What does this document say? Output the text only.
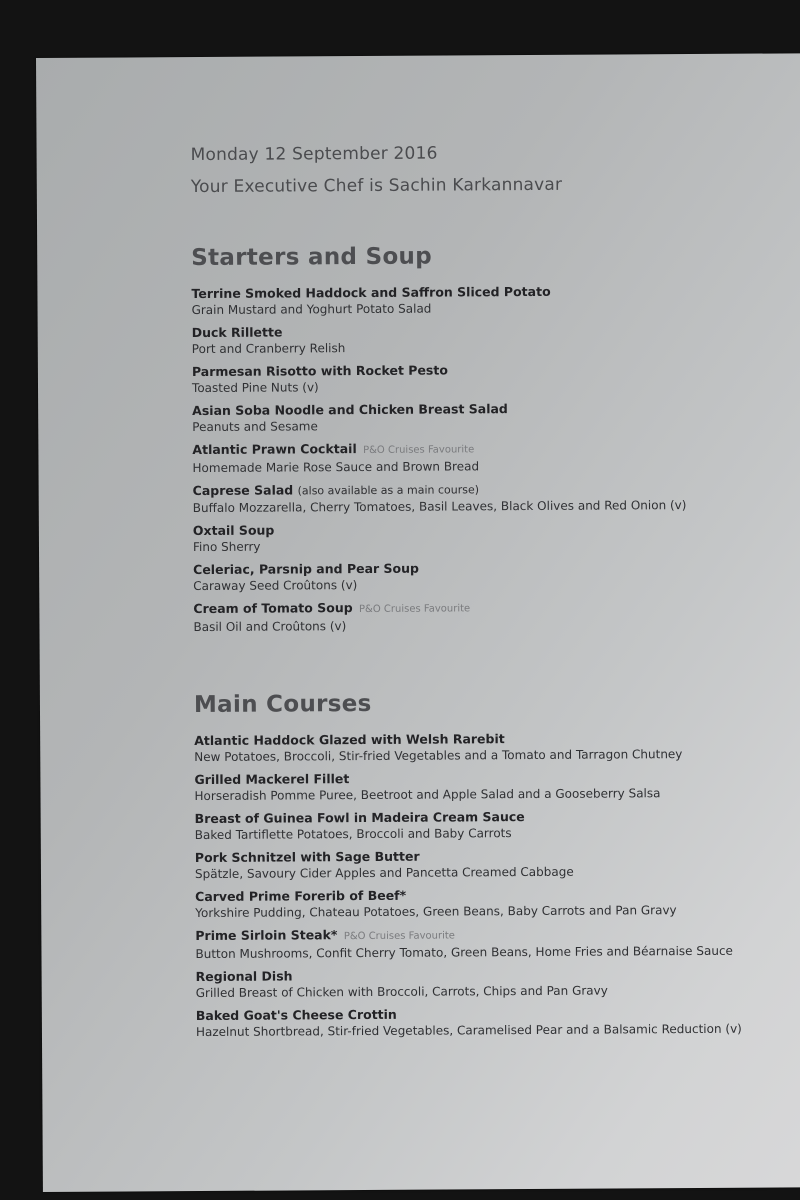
Monday 12 September 2016

Your Executive Chef is Sachin Karkannavar

Starters and Soup
Terrine Smoked Haddock and Saffron Sliced Potato
Grain Mustard and Yoghurt Potato Salad
Duck Rillette
Port and Cranberry Relish
Parmesan Risotto with Rocket Pesto
Toasted Pine Nuts (v)
Asian Soba Noodle and Chicken Breast Salad
Peanuts and Sesame
Atlantic Prawn Cocktail P&O Cruises Favourite
Homemade Marie Rose Sauce and Brown Bread
Caprese Salad (also available as a main course)
Buffalo Mozzarella, Cherry Tomatoes, Basil Leaves, Black Olives and Red Onion (v)
Oxtail Soup
Fino Sherry
Celeriac, Parsnip and Pear Soup
Caraway Seed Croûtons (v)
Cream of Tomato Soup P&O Cruises Favourite
Basil Oil and Croûtons (v)
Main Courses
Atlantic Haddock Glazed with Welsh Rarebit
New Potatoes, Broccoli, Stir-fried Vegetables and a Tomato and Tarragon Chutney
Grilled Mackerel Fillet
Horseradish Pomme Puree, Beetroot and Apple Salad and a Gooseberry Salsa
Breast of Guinea Fowl in Madeira Cream Sauce
Baked Tartiflette Potatoes, Broccoli and Baby Carrots
Pork Schnitzel with Sage Butter
Spätzle, Savoury Cider Apples and Pancetta Creamed Cabbage
Carved Prime Forerib of Beef*
Yorkshire Pudding, Chateau Potatoes, Green Beans, Baby Carrots and Pan Gravy
Prime Sirloin Steak* P&O Cruises Favourite
Button Mushrooms, Confit Cherry Tomato, Green Beans, Home Fries and Béarnaise Sauce
Regional Dish
Grilled Breast of Chicken with Broccoli, Carrots, Chips and Pan Gravy
Baked Goat's Cheese Crottin
Hazelnut Shortbread, Stir-fried Vegetables, Caramelised Pear and a Balsamic Reduction (v)
